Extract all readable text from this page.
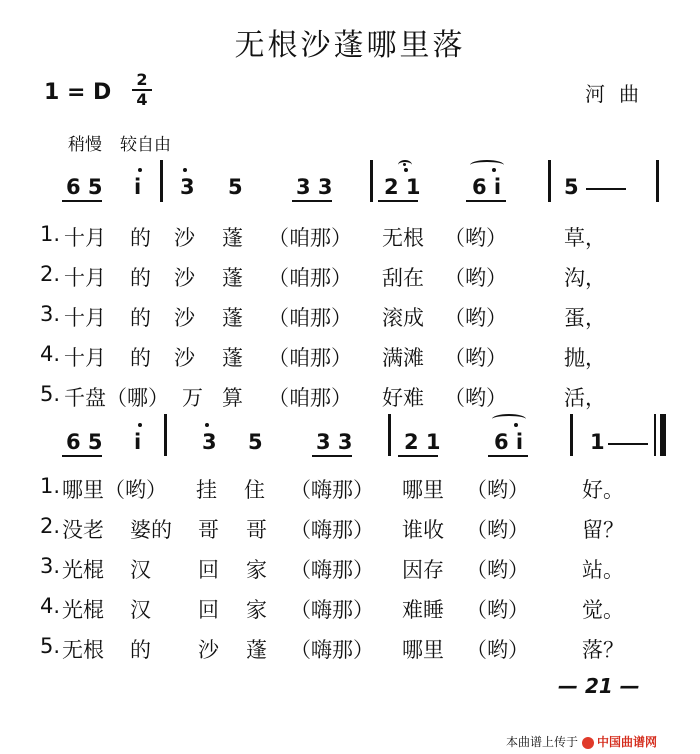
无根沙蓬哪里落
1 = D
2
4	河曲
稍慢 较自由
6 5 i 3 5	3 3 2 1 6 i	5
1. 十月 的 沙 蓬 （咱那） 无根 （哟）	草，
2. 十月 的 沙 蓬 （咱那） 刮在 （哟）	沟，
3. 十月 的 沙 蓬 （咱那） 滚成 （哟）	蛋，
4. 十月 的 沙 蓬 （咱那） 满滩 （哟）	抛，
5. 千盘（哪） 万 算 （咱那） 好难 （哟）	活，
6 5 i	3 5	3 3 2 1	6 i	1
1. 哪里（哟） 挂 住 （嗨那） 哪里 （哟）	好。
2. 没老 婆的 哥 哥 （嗨那） 谁收 （哟）	留？
3. 光棍 汉 回 家 （嗨那） 因存 （哟）	站。
4. 光棍 汉 回 家 （嗨那） 难睡 （哟）	觉。
5. 无根 的 沙 蓬 （嗨那） 哪里 （哟）	落？
— 21 —
本曲谱上传于 中国曲谱网
